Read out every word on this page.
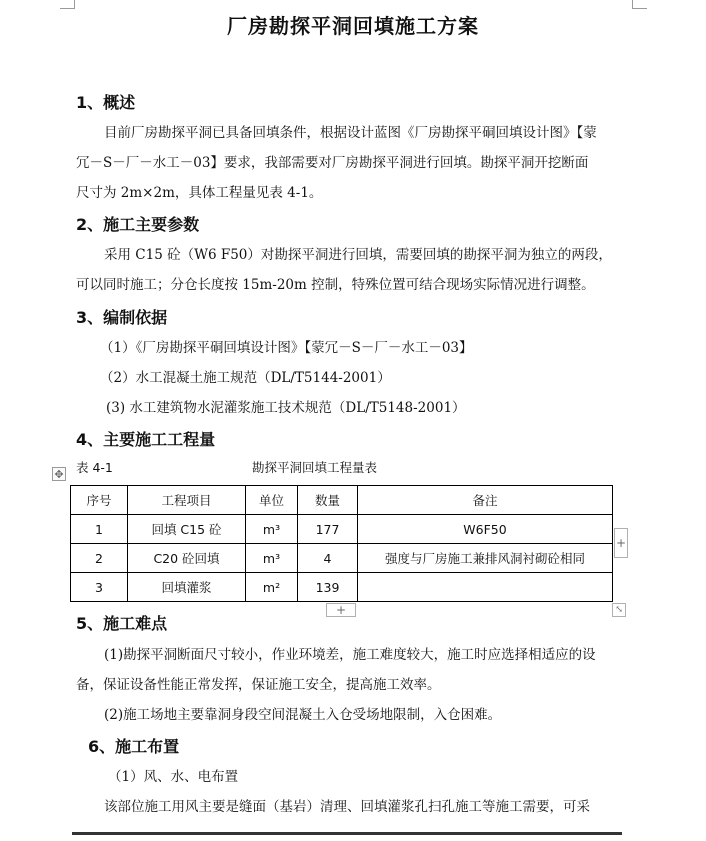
厂房勘探平洞回填施工方案
1、概述
目前厂房勘探平洞已具备回填条件，根据设计蓝图《厂房勘探平硐回填设计图》【蒙
冗－S－厂－水工－03】要求，我部需要对厂房勘探平洞进行回填。勘探平洞开挖断面
尺寸为 2m×2m，具体工程量见表 4-1。
2、施工主要参数
采用 C15 砼（W6 F50）对勘探平洞进行回填，需要回填的勘探平洞为独立的两段，
可以同时施工；分仓长度按 15m-20m 控制，特殊位置可结合现场实际情况进行调整。
3、编制依据
（1）《厂房勘探平硐回填设计图》【蒙冗－S－厂－水工－03】
（2）水工混凝土施工规范（DL/T5144-2001）
(3) 水工建筑物水泥灌浆施工技术规范（DL/T5148-2001）
4、主要施工工程量
表 4-1	勘探平洞回填工程量表
✥
序号	工程项目	单位	数量	备注
1	回填 C15 砼	m³	177	W6F50
2	C20 砼回填	m³	4	强度与厂房施工兼排风洞衬砌砼相同
3	回填灌浆	m²	139	
+
+	⤡
5、施工难点
(1)勘探平洞断面尺寸较小，作业环境差，施工难度较大，施工时应选择相适应的设
备，保证设备性能正常发挥，保证施工安全，提高施工效率。
(2)施工场地主要靠洞身段空间混凝土入仓受场地限制，入仓困难。
6、施工布置
（1）风、水、电布置
该部位施工用风主要是缝面（基岩）清理、回填灌浆孔扫孔施工等施工需要，可采
